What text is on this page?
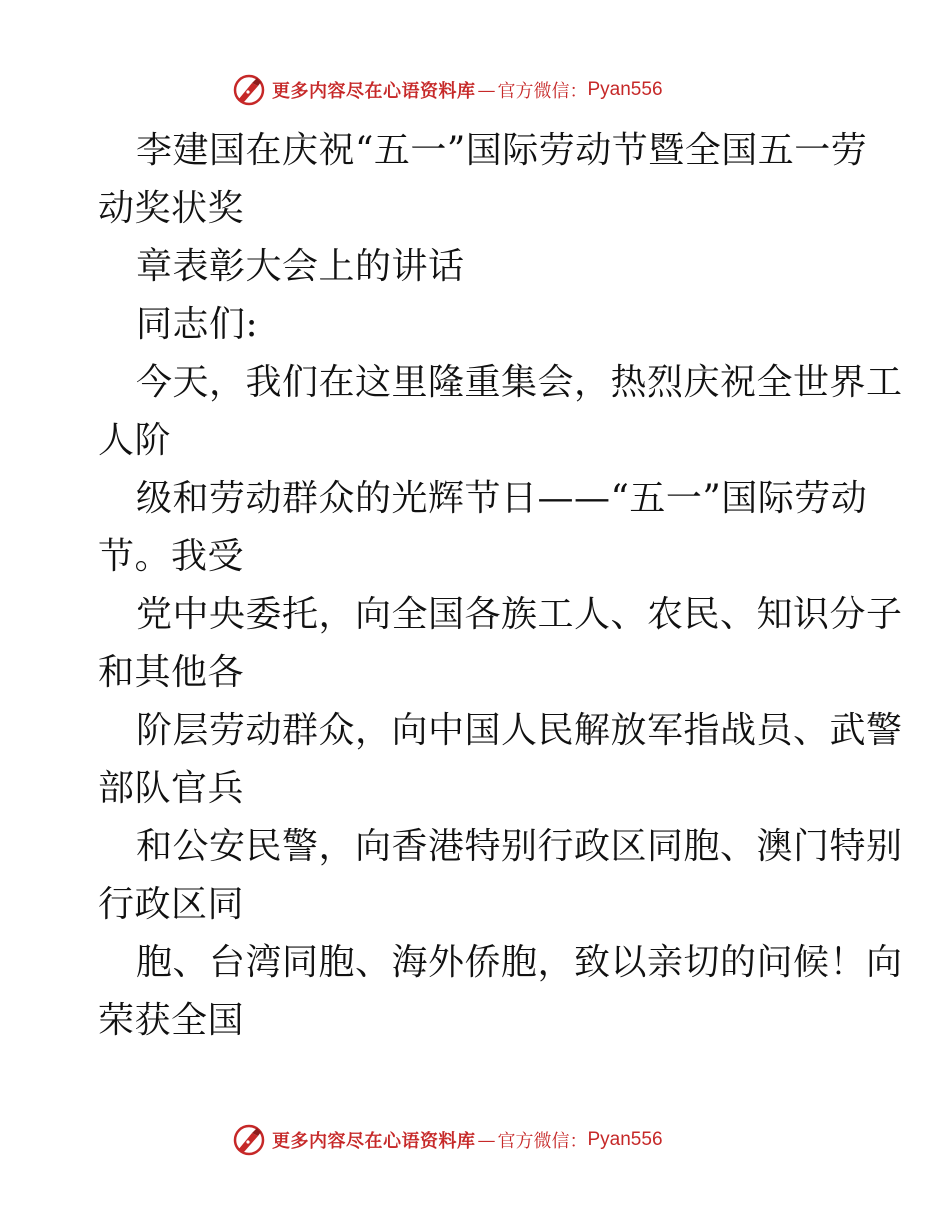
更多内容尽在心语资料库 — 官方微信： Pyan556
李建国在庆祝“五一”国际劳动节暨全国五一劳
动奖状奖
章表彰大会上的讲话
同志们:
今天，我们在这里隆重集会，热烈庆祝全世界工
人阶
级和劳动群众的光辉节日——“五一”国际劳动
节。我受
党中央委托，向全国各族工人、农民、知识分子
和其他各
阶层劳动群众，向中国人民解放军指战员、武警
部队官兵
和公安民警，向香港特别行政区同胞、澳门特别
行政区同
胞、台湾同胞、海外侨胞，致以亲切的问候！向
荣获全国
更多内容尽在心语资料库 — 官方微信： Pyan556
